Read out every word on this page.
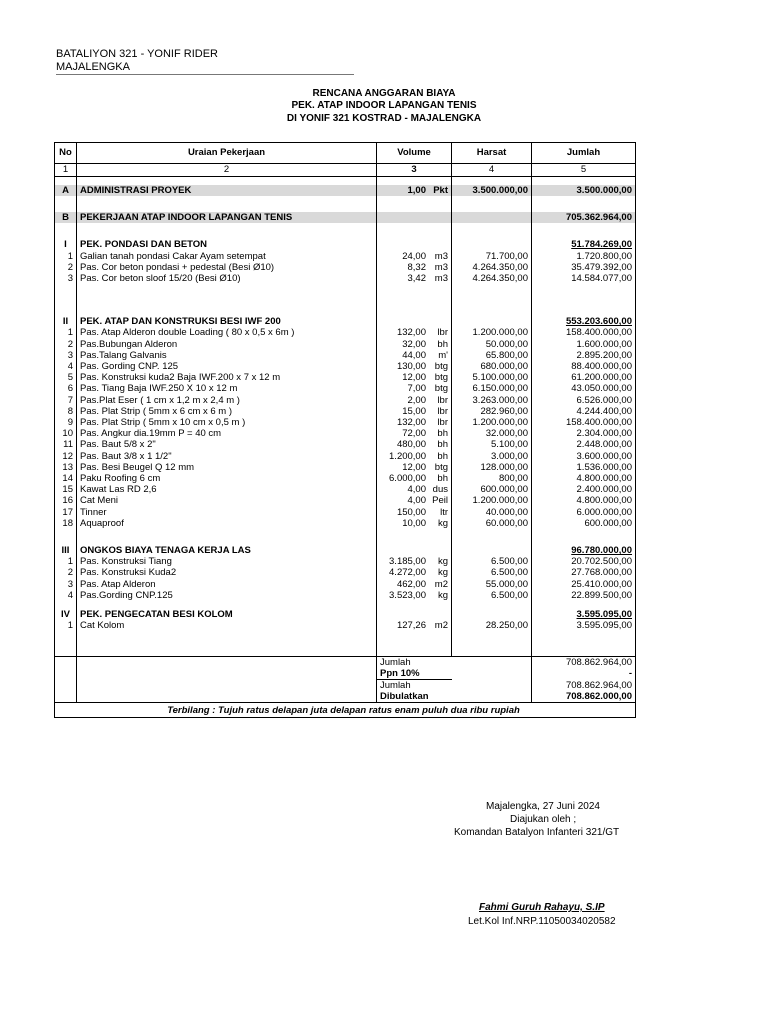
BATALIYON 321 - YONIF RIDER
MAJALENGKA
RENCANA ANGGARAN BIAYA
PEK. ATAP INDOOR LAPANGAN TENIS
DI YONIF 321 KOSTRAD - MAJALENGKA
No	Uraian Pekerjaan	Volume	Harsat	Jumlah
1	2	3	4	5

A	ADMINISTRASI PROYEK	1,00 Pkt	3.500.000,00	3.500.000,00

B	PEKERJAAN ATAP INDOOR LAPANGAN TENIS			705.362.964,00

I	PEK. PONDASI DAN BETON			51.784.269,00
1	Galian tanah pondasi Cakar Ayam setempat	24,00 m3	71.700,00	1.720.800,00
2	Pas. Cor beton pondasi + pedestal (Besi Ø10)	8,32 m3	4.264.350,00	35.479.392,00
3	Pas. Cor beton sloof 15/20 (Besi Ø10)	3,42 m3	4.264.350,00	14.584.077,00

II	PEK. ATAP DAN KONSTRUKSI BESI IWF 200			553.203.600,00
1	Pas. Atap Alderon double Loading ( 80 x 0,5 x 6m )	132,00 lbr	1.200.000,00	158.400.000,00
2	Pas.Bubungan Alderon	32,00 bh	50.000,00	1.600.000,00
3	Pas.Talang Galvanis	44,00 m'	65.800,00	2.895.200,00
4	Pas. Gording CNP. 125	130,00 btg	680.000,00	88.400.000,00
5	Pas. Konstruksi kuda2 Baja IWF.200 x 7 x 12 m	12,00 btg	5.100.000,00	61.200.000,00
6	Pas. Tiang Baja IWF.250 X 10 x 12 m	7,00 btg	6.150.000,00	43.050.000,00
7	Pas.Plat Eser ( 1 cm x 1,2 m x 2,4 m )	2,00 lbr	3.263.000,00	6.526.000,00
8	Pas. Plat Strip ( 5mm x 6 cm x 6 m )	15,00 lbr	282.960,00	4.244.400,00
9	Pas. Plat Strip ( 5mm x 10 cm x 0,5 m )	132,00 lbr	1.200.000,00	158.400.000,00
10	Pas. Angkur dia.19mm P = 40 cm	72,00 bh	32.000,00	2.304.000,00
11	Pas. Baut 5/8 x 2"	480,00 bh	5.100,00	2.448.000,00
12	Pas. Baut 3/8 x 1 1/2"	1.200,00 bh	3.000,00	3.600.000,00
13	Pas. Besi Beugel Q 12 mm	12,00 btg	128.000,00	1.536.000,00
14	Paku Roofing 6 cm	6.000,00 bh	800,00	4.800.000,00
15	Kawat Las RD 2,6	4,00 dus	600.000,00	2.400.000,00
16	Cat Meni	4,00 Peil	1.200.000,00	4.800.000,00
17	Tinner	150,00 ltr	40.000,00	6.000.000,00
18	Aquaproof	10,00 kg	60.000,00	600.000,00

III	ONGKOS BIAYA TENAGA KERJA LAS			96.780.000,00
1	Pas. Konstruksi Tiang	3.185,00 kg	6.500,00	20.702.500,00
2	Pas. Konstruksi Kuda2	4.272,00 kg	6.500,00	27.768.000,00
3	Pas. Atap Alderon	462,00 m2	55.000,00	25.410.000,00
4	Pas.Gording CNP.125	3.523,00 kg	6.500,00	22.899.500,00

IV	PEK. PENGECATAN BESI KOLOM			3.595.095,00
1	Cat Kolom	127,26 m2	28.250,00	3.595.095,00

		Jumlah		708.862.964,00
		Ppn 10%		-
		Jumlah		708.862.964,00
		Dibulatkan		708.862.000,00
Terbilang : Tujuh ratus delapan juta delapan ratus enam puluh dua ribu rupiah				
Majalengka, 27 Juni 2024
Diajukan oleh ;
Komandan Batalyon Infanteri 321/GT
Fahmi Guruh Rahayu, S.IP
Let.Kol Inf.NRP.11050034020582
